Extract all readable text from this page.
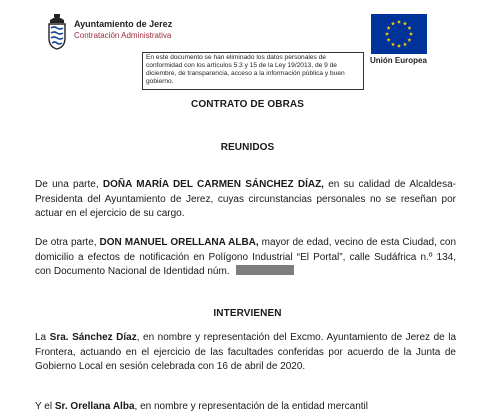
Ayuntamiento de Jerez
Contratación Administrativa
En este documento se han eliminado los datos personales de conformidad con los artículos 5.3 y 15 de la Ley 19/2013, de 9 de diciembre, de transparencia, acceso a la información pública y buen gobierno.
Unión Europea
CONTRATO DE OBRAS
REUNIDOS
De una parte, DOÑA MARÍA DEL CARMEN SÁNCHEZ DÍAZ, en su calidad de Alcaldesa-Presidenta del Ayuntamiento de Jerez, cuyas circunstancias personales no se reseñan por actuar en el ejercicio de su cargo.
De otra parte, DON MANUEL ORELLANA ALBA, mayor de edad, vecino de esta Ciudad, con domicilio a efectos de notificación en Polígono Industrial “El Portal”, calle Sudáfrica n.º 134, con Documento Nacional de Identidad núm.
INTERVIENEN
La Sra. Sánchez Díaz, en nombre y representación del Excmo. Ayuntamiento de Jerez de la Frontera, actuando en el ejercicio de las facultades conferidas por acuerdo de la Junta de Gobierno Local en sesión celebrada con 16 de abril de 2020.
Y el Sr. Orellana Alba, en nombre y representación de la entidad mercantil
